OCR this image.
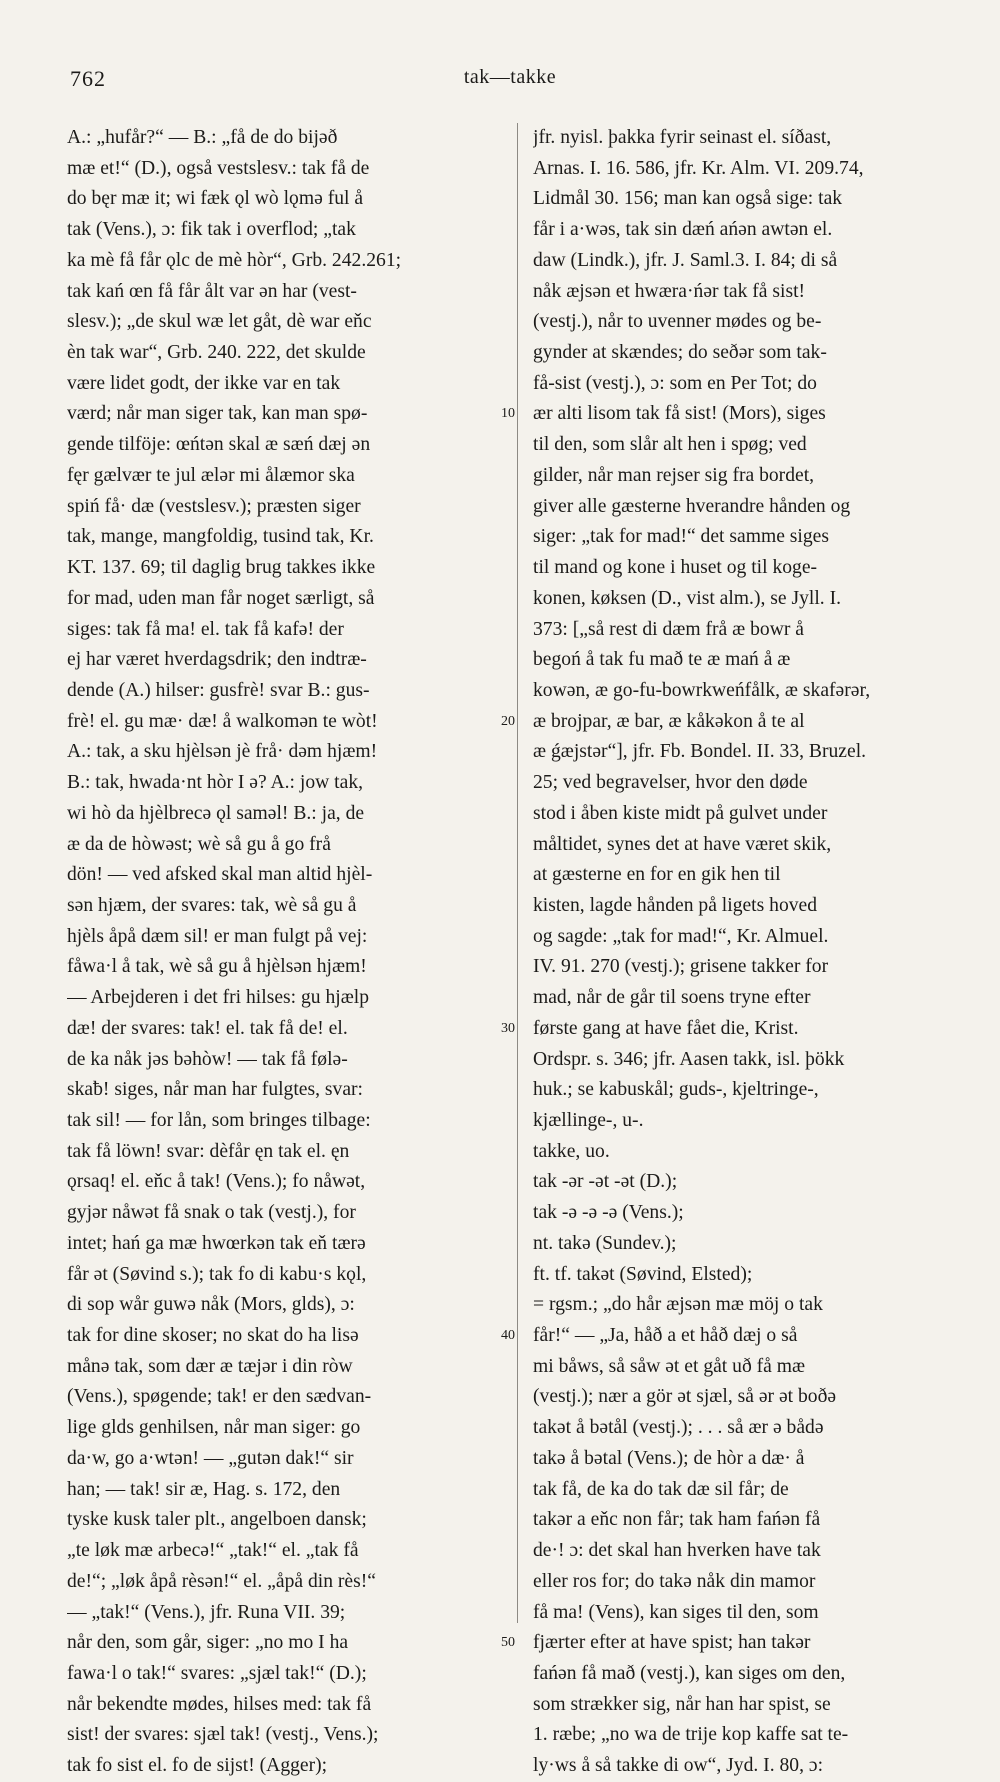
762	tak—takke
A.: „hufår?“ — B.: „få de do bijəð
mæ et!“ (D.), også vestslesv.: tak få de
do bęr mæ it; wi fæk ǫl wò lǫmə ful å
tak (Vens.), ɔ: fik tak i overflod; „tak
ka mè få får ǫlc de mè hòr“, Grb. 242.261;
tak kań œn få får ålt var ən har (vest-
slesv.); „de skul wæ let gåt, dè war eňc
èn tak war“, Grb. 240. 222, det skulde
være lidet godt, der ikke var en tak
værd; når man siger tak, kan man spø-
gende tilföje: œńtən skal æ sæń dæj ən
fęr gælvær te jul ælər mi ålæmor ska
spiń få· dæ (vestslesv.); præsten siger
tak, mange, mangfoldig, tusind tak, Kr.
KT. 137. 69; til daglig brug takkes ikke
for mad, uden man får noget særligt, så
siges: tak få ma! el. tak få kafə! der
ej har været hverdagsdrik; den indtræ-
dende (A.) hilser: gusfrè! svar B.: gus-
frè! el. gu mæ· dæ! å walkomən te wòt!
A.: tak, a sku hjèlsən jè frå· dəm hjæm!
B.: tak, hwada·nt hòr I ə? A.: jow tak,
wi hò da hjèlbrecə ǫl saməl! B.: ja, de
æ da de hòwəst; wè så gu å go frå
dön! — ved afsked skal man altid hjèl-
sən hjæm, der svares: tak, wè så gu å
hjèls åpå dæm sil! er man fulgt på vej:
fåwa·l å tak, wè så gu å hjèlsən hjæm!
— Arbejderen i det fri hilses: gu hjælp
dæ! der svares: tak! el. tak få de! el.
de ka nåk jəs bəhòw! — tak få følə-
skaƀ! siges, når man har fulgtes, svar:
tak sil! — for lån, som bringes tilbage:
tak få löwn! svar: dèfår ęn tak el. ęn
ǫrsaq! el. eňc å tak! (Vens.); fo nåwət,
gyjər nåwət få snak o tak (vestj.), for
intet; hań ga mæ hwœrkən tak eň tærə
får ət (Søvind s.); tak fo di kabu·s kǫl,
di sop wår guwə nåk (Mors, glds), ɔ:
tak for dine skoser; no skat do ha lisə
månə tak, som dær æ tæjər i din ròw
(Vens.), spøgende; tak! er den sædvan-
lige glds genhilsen, når man siger: go
da·w, go a·wtən! — „gutən dak!“ sir
han; — tak! sir æ, Hag. s. 172, den
tyske kusk taler plt., angelboen dansk;
„te løk mæ arbecə!“ „tak!“ el. „tak få
de!“; „løk åpå rèsən!“ el. „åpå din rès!“
— „tak!“ (Vens.), jfr. Runa VII. 39;
når den, som går, siger: „no mo I ha
fawa·l o tak!“ svares: „sjæl tak!“ (D.);
når bekendte mødes, hilses med: tak få
sist! der svares: sjæl tak! (vestj., Vens.);
tak fo sist el. fo de sijst! (Agger);
10
20
30
40
50
jfr. nyisl. þakka fyrir seinast el. síðast,
Arnas. I. 16. 586, jfr. Kr. Alm. VI. 209.74,
Lidmål 30. 156; man kan også sige: tak
får i a·wəs, tak sin dæń ańən awtən el.
daw (Lindk.), jfr. J. Saml.3. I. 84; di så
nåk æjsən et hwæra·ńər tak få sist!
(vestj.), når to uvenner mødes og be-
gynder at skændes; do seðər som tak-
få-sist (vestj.), ɔ: som en Per Tot; do
ær alti lisom tak få sist! (Mors), siges
til den, som slår alt hen i spøg; ved
gilder, når man rejser sig fra bordet,
giver alle gæsterne hverandre hånden og
siger: „tak for mad!“ det samme siges
til mand og kone i huset og til koge-
konen, køksen (D., vist alm.), se Jyll. I.
373: [„så rest di dæm frå æ bowr å
begoń å tak fu mað te æ mań å æ
kowən, æ go-fu-bowrkweńfålk, æ skafərər,
æ brojpar, æ bar, æ kåkəkon å te al
æ ǵæjstər“], jfr. Fb. Bondel. II. 33, Bruzel.
25; ved begravelser, hvor den døde
stod i åben kiste midt på gulvet under
måltidet, synes det at have været skik,
at gæsterne en for en gik hen til
kisten, lagde hånden på ligets hoved
og sagde: „tak for mad!“, Kr. Almuel.
IV. 91. 270 (vestj.); grisene takker for
mad, når de går til soens tryne efter
første gang at have fået die, Krist.
Ordspr. s. 346; jfr. Aasen takk, isl. þökk
huk.; se kabuskål; guds-, kjeltringe-,
kjællinge-, u-.
takke, uo.
tak -ər -ət -ət (D.);
tak -ə -ə -ə (Vens.);
nt. takə (Sundev.);
ft. tf. takət (Søvind, Elsted);
= rgsm.; „do hår æjsən mæ möj o tak
får!“ — „Ja, håð a et håð dæj o så
mi båws, så såw ət et gåt uð få mæ
(vestj.); nær a gör ət sjæl, så ər ət boðə
takət å bətål (vestj.); . . . så ær ə bådə
takə å bətal (Vens.); de hòr a dæ· å
tak få, de ka do tak dæ sil får; de
takər a eňc non får; tak ham fańən få
de·! ɔ: det skal han hverken have tak
eller ros for; do takə nåk din mamor
få ma! (Vens), kan siges til den, som
fjærter efter at have spist; han takər
fańən få mað (vestj.), kan siges om den,
som strækker sig, når han har spist, se
1. ræbe; „no wa de trije kop kaffe sat te-
ly·ws å så takke di ow“, Jyd. I. 80, ɔ:
